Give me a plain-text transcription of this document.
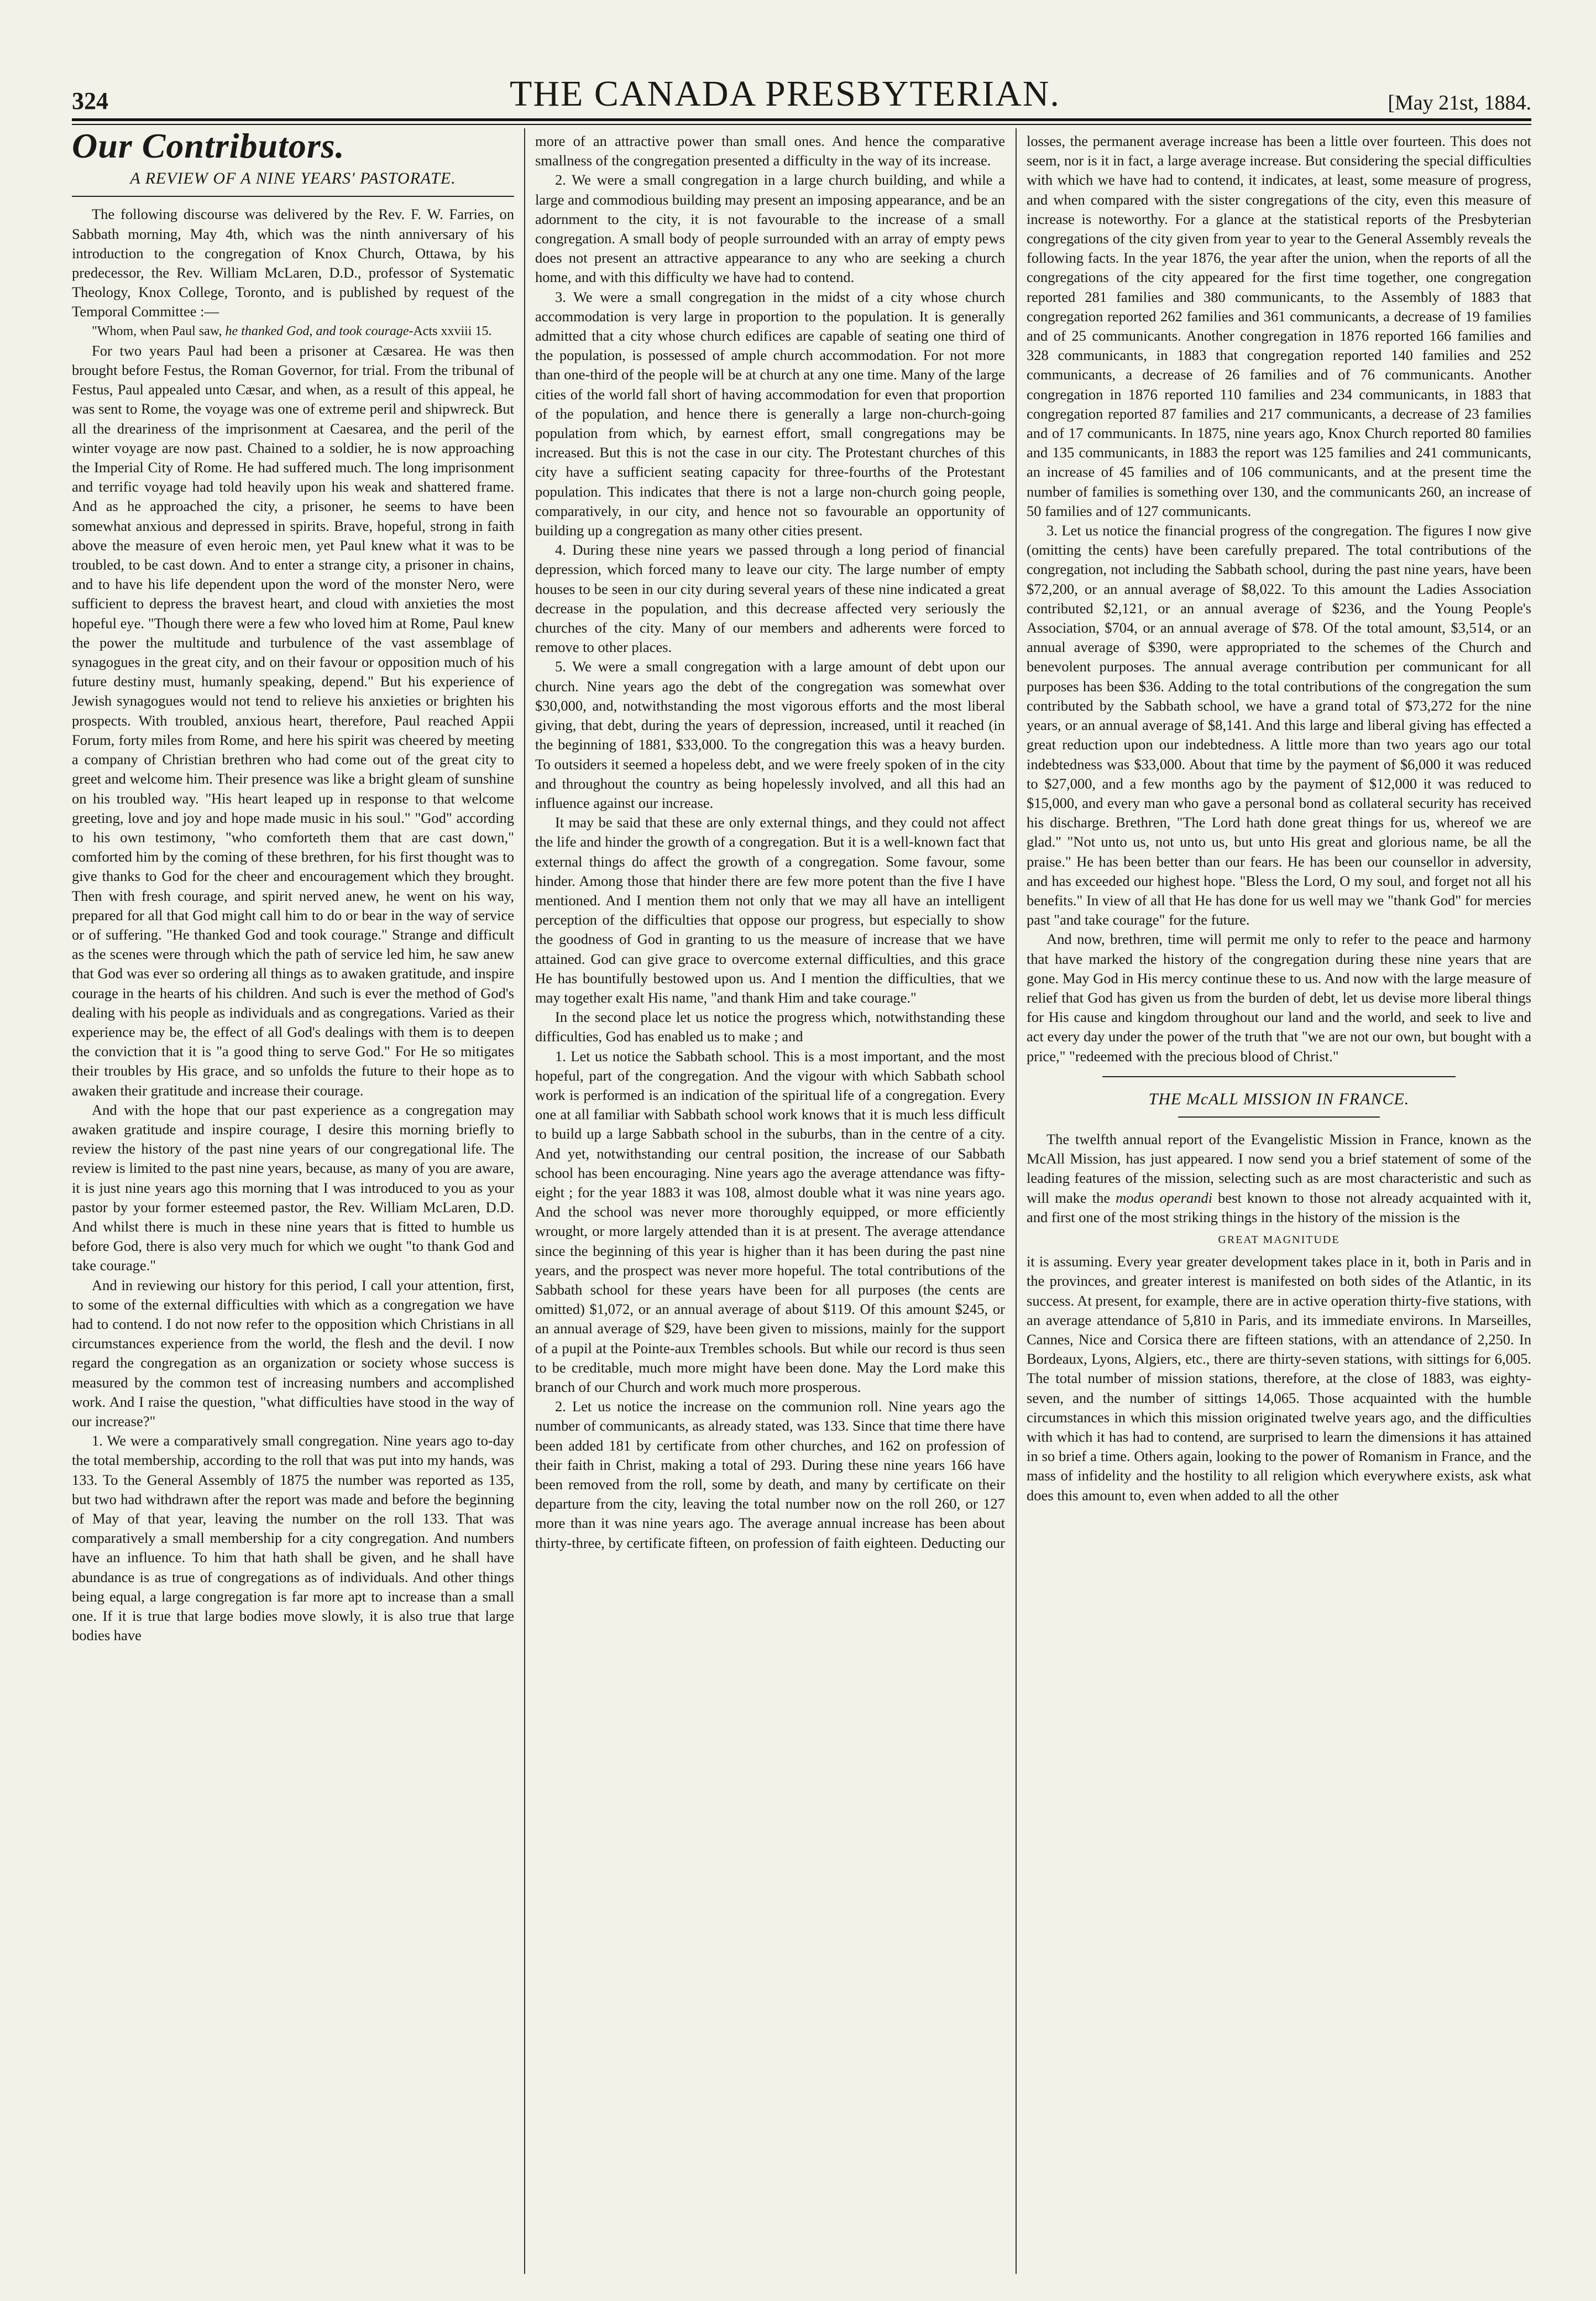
324	THE CANADA PRESBYTERIAN.	[May 21st, 1884.
Our Contributors.
A REVIEW OF A NINE YEARS' PASTORATE.

The following discourse was delivered by the Rev. F. W. Farries, on Sabbath morning, May 4th, which was the ninth anniversary of his introduction to the congregation of Knox Church, Ottawa, by his predecessor, the Rev. William McLaren, D.D., professor of Systematic Theology, Knox College, Toronto, and is published by request of the Temporal Committee :—

"Whom, when Paul saw, he thanked God, and took courage-Acts xxviii 15.

For two years Paul had been a prisoner at Cæsarea. He was then brought before Festus, the Roman Governor, for trial. From the tribunal of Festus, Paul appealed unto Cæsar, and when, as a result of this appeal, he was sent to Rome, the voyage was one of extreme peril and shipwreck. But all the dreariness of the imprisonment at Caesarea, and the peril of the winter voyage are now past. Chained to a soldier, he is now approaching the Imperial City of Rome. He had suffered much. The long imprisonment and terrific voyage had told heavily upon his weak and shattered frame. And as he approached the city, a prisoner, he seems to have been somewhat anxious and depressed in spirits. Brave, hopeful, strong in faith above the measure of even heroic men, yet Paul knew what it was to be troubled, to be cast down. And to enter a strange city, a prisoner in chains, and to have his life dependent upon the word of the monster Nero, were sufficient to depress the bravest heart, and cloud with anxieties the most hopeful eye. "Though there were a few who loved him at Rome, Paul knew the power the multitude and turbulence of the vast assemblage of synagogues in the great city, and on their favour or opposition much of his future destiny must, humanly speaking, depend." But his experience of Jewish synagogues would not tend to relieve his anxieties or brighten his prospects. With troubled, anxious heart, therefore, Paul reached Appii Forum, forty miles from Rome, and here his spirit was cheered by meeting a company of Christian brethren who had come out of the great city to greet and welcome him. Their presence was like a bright gleam of sunshine on his troubled way. "His heart leaped up in response to that welcome greeting, love and joy and hope made music in his soul." "God" according to his own testimony, "who comforteth them that are cast down," comforted him by the coming of these brethren, for his first thought was to give thanks to God for the cheer and encouragement which they brought. Then with fresh courage, and spirit nerved anew, he went on his way, prepared for all that God might call him to do or bear in the way of service or of suffering. "He thanked God and took courage." Strange and difficult as the scenes were through which the path of service led him, he saw anew that God was ever so ordering all things as to awaken gratitude, and inspire courage in the hearts of his children. And such is ever the method of God's dealing with his people as individuals and as congregations. Varied as their experience may be, the effect of all God's dealings with them is to deepen the conviction that it is "a good thing to serve God." For He so mitigates their troubles by His grace, and so unfolds the future to their hope as to awaken their gratitude and increase their courage.

And with the hope that our past experience as a congregation may awaken gratitude and inspire courage, I desire this morning briefly to review the history of the past nine years of our congregational life. The review is limited to the past nine years, because, as many of you are aware, it is just nine years ago this morning that I was introduced to you as your pastor by your former esteemed pastor, the Rev. William McLaren, D.D. And whilst there is much in these nine years that is fitted to humble us before God, there is also very much for which we ought "to thank God and take courage."

And in reviewing our history for this period, I call your attention, first, to some of the external difficulties with which as a congregation we have had to contend. I do not now refer to the opposition which Christians in all circumstances experience from the world, the flesh and the devil. I now regard the congregation as an organization or society whose success is measured by the common test of increasing numbers and accomplished work. And I raise the question, "what difficulties have stood in the way of our increase?"

1. We were a comparatively small congregation. Nine years ago to-day the total membership, according to the roll that was put into my hands, was 133. To the General Assembly of 1875 the number was reported as 135, but two had withdrawn after the report was made and before the beginning of May of that year, leaving the number on the roll 133. That was comparatively a small membership for a city congregation. And numbers have an influence. To him that hath shall be given, and he shall have abundance is as true of congregations as of individuals. And other things being equal, a large congregation is far more apt to increase than a small one. If it is true that large bodies move slowly, it is also true that large bodies have

more of an attractive power than small ones. And hence the comparative smallness of the congregation presented a difficulty in the way of its increase.

2. We were a small congregation in a large church building, and while a large and commodious building may present an imposing appearance, and be an adornment to the city, it is not favourable to the increase of a small congregation. A small body of people surrounded with an array of empty pews does not present an attractive appearance to any who are seeking a church home, and with this difficulty we have had to contend.

3. We were a small congregation in the midst of a city whose church accommodation is very large in proportion to the population. It is generally admitted that a city whose church edifices are capable of seating one third of the population, is possessed of ample church accommodation. For not more than one-third of the people will be at church at any one time. Many of the large cities of the world fall short of having accommodation for even that proportion of the population, and hence there is generally a large non-church-going population from which, by earnest effort, small congregations may be increased. But this is not the case in our city. The Protestant churches of this city have a sufficient seating capacity for three-fourths of the Protestant population. This indicates that there is not a large non-church going people, comparatively, in our city, and hence not so favourable an opportunity of building up a congregation as many other cities present.

4. During these nine years we passed through a long period of financial depression, which forced many to leave our city. The large number of empty houses to be seen in our city during several years of these nine indicated a great decrease in the population, and this decrease affected very seriously the churches of the city. Many of our members and adherents were forced to remove to other places.

5. We were a small congregation with a large amount of debt upon our church. Nine years ago the debt of the congregation was somewhat over $30,000, and, notwithstanding the most vigorous efforts and the most liberal giving, that debt, during the years of depression, increased, until it reached (in the beginning of 1881, $33,000. To the congregation this was a heavy burden. To outsiders it seemed a hopeless debt, and we were freely spoken of in the city and throughout the country as being hopelessly involved, and all this had an influence against our increase.

It may be said that these are only external things, and they could not affect the life and hinder the growth of a congregation. But it is a well-known fact that external things do affect the growth of a congregation. Some favour, some hinder. Among those that hinder there are few more potent than the five I have mentioned. And I mention them not only that we may all have an intelligent perception of the difficulties that oppose our progress, but especially to show the goodness of God in granting to us the measure of increase that we have attained. God can give grace to overcome external difficulties, and this grace He has bountifully bestowed upon us. And I mention the difficulties, that we may together exalt His name, "and thank Him and take courage."

In the second place let us notice the progress which, notwithstanding these difficulties, God has enabled us to make ; and

1. Let us notice the Sabbath school. This is a most important, and the most hopeful, part of the congregation. And the vigour with which Sabbath school work is performed is an indication of the spiritual life of a congregation. Every one at all familiar with Sabbath school work knows that it is much less difficult to build up a large Sabbath school in the suburbs, than in the centre of a city. And yet, notwithstanding our central position, the increase of our Sabbath school has been encouraging. Nine years ago the average attendance was fifty-eight ; for the year 1883 it was 108, almost double what it was nine years ago. And the school was never more thoroughly equipped, or more efficiently wrought, or more largely attended than it is at present. The average attendance since the beginning of this year is higher than it has been during the past nine years, and the prospect was never more hopeful. The total contributions of the Sabbath school for these years have been for all purposes (the cents are omitted) $1,072, or an annual average of about $119. Of this amount $245, or an annual average of $29, have been given to missions, mainly for the support of a pupil at the Pointe-aux Trembles schools. But while our record is thus seen to be creditable, much more might have been done. May the Lord make this branch of our Church and work much more prosperous.

2. Let us notice the increase on the communion roll. Nine years ago the number of communicants, as already stated, was 133. Since that time there have been added 181 by certificate from other churches, and 162 on profession of their faith in Christ, making a total of 293. During these nine years 166 have been removed from the roll, some by death, and many by certificate on their departure from the city, leaving the total number now on the roll 260, or 127 more than it was nine years ago. The average annual increase has been about thirty-three, by certificate fifteen, on profession of faith eighteen. Deducting our

losses, the permanent average increase has been a little over fourteen. This does not seem, nor is it in fact, a large average increase. But considering the special difficulties with which we have had to contend, it indicates, at least, some measure of progress, and when compared with the sister congregations of the city, even this measure of increase is noteworthy. For a glance at the statistical reports of the Presbyterian congregations of the city given from year to year to the General Assembly reveals the following facts. In the year 1876, the year after the union, when the reports of all the congregations of the city appeared for the first time together, one congregation reported 281 families and 380 communicants, to the Assembly of 1883 that congregation reported 262 families and 361 communicants, a decrease of 19 families and of 25 communicants. Another congregation in 1876 reported 166 families and 328 communicants, in 1883 that congregation reported 140 families and 252 communicants, a decrease of 26 families and of 76 communicants. Another congregation in 1876 reported 110 families and 234 communicants, in 1883 that congregation reported 87 families and 217 communicants, a decrease of 23 families and of 17 communicants. In 1875, nine years ago, Knox Church reported 80 families and 135 communicants, in 1883 the report was 125 families and 241 communicants, an increase of 45 families and of 106 communicants, and at the present time the number of families is something over 130, and the communicants 260, an increase of 50 families and of 127 communicants.

3. Let us notice the financial progress of the congregation. The figures I now give (omitting the cents) have been carefully prepared. The total contributions of the congregation, not including the Sabbath school, during the past nine years, have been $72,200, or an annual average of $8,022. To this amount the Ladies Association contributed $2,121, or an annual average of $236, and the Young People's Association, $704, or an annual average of $78. Of the total amount, $3,514, or an annual average of $390, were appropriated to the schemes of the Church and benevolent purposes. The annual average contribution per communicant for all purposes has been $36. Adding to the total contributions of the congregation the sum contributed by the Sabbath school, we have a grand total of $73,272 for the nine years, or an annual average of $8,141. And this large and liberal giving has effected a great reduction upon our indebtedness. A little more than two years ago our total indebtedness was $33,000. About that time by the payment of $6,000 it was reduced to $27,000, and a few months ago by the payment of $12,000 it was reduced to $15,000, and every man who gave a personal bond as collateral security has received his discharge. Brethren, "The Lord hath done great things for us, whereof we are glad." "Not unto us, not unto us, but unto His great and glorious name, be all the praise." He has been better than our fears. He has been our counsellor in adversity, and has exceeded our highest hope. "Bless the Lord, O my soul, and forget not all his benefits." In view of all that He has done for us well may we "thank God" for mercies past "and take courage" for the future.

And now, brethren, time will permit me only to refer to the peace and harmony that have marked the history of the congregation during these nine years that are gone. May God in His mercy continue these to us. And now with the large measure of relief that God has given us from the burden of debt, let us devise more liberal things for His cause and kingdom throughout our land and the world, and seek to live and act every day under the power of the truth that "we are not our own, but bought with a price," "redeemed with the precious blood of Christ."

THE McALL MISSION IN FRANCE.

The twelfth annual report of the Evangelistic Mission in France, known as the McAll Mission, has just appeared. I now send you a brief statement of some of the leading features of the mission, selecting such as are most characteristic and such as will make the modus operandi best known to those not already acquainted with it, and first one of the most striking things in the history of the mission is the

GREAT MAGNITUDE

it is assuming. Every year greater development takes place in it, both in Paris and in the provinces, and greater interest is manifested on both sides of the Atlantic, in its success. At present, for example, there are in active operation thirty-five stations, with an average attendance of 5,810 in Paris, and its immediate environs. In Marseilles, Cannes, Nice and Corsica there are fifteen stations, with an attendance of 2,250. In Bordeaux, Lyons, Algiers, etc., there are thirty-seven stations, with sittings for 6,005. The total number of mission stations, therefore, at the close of 1883, was eighty-seven, and the number of sittings 14,065. Those acquainted with the humble circumstances in which this mission originated twelve years ago, and the difficulties with which it has had to contend, are surprised to learn the dimensions it has attained in so brief a time. Others again, looking to the power of Romanism in France, and the mass of infidelity and the hostility to all religion which everywhere exists, ask what does this amount to, even when added to all the other
